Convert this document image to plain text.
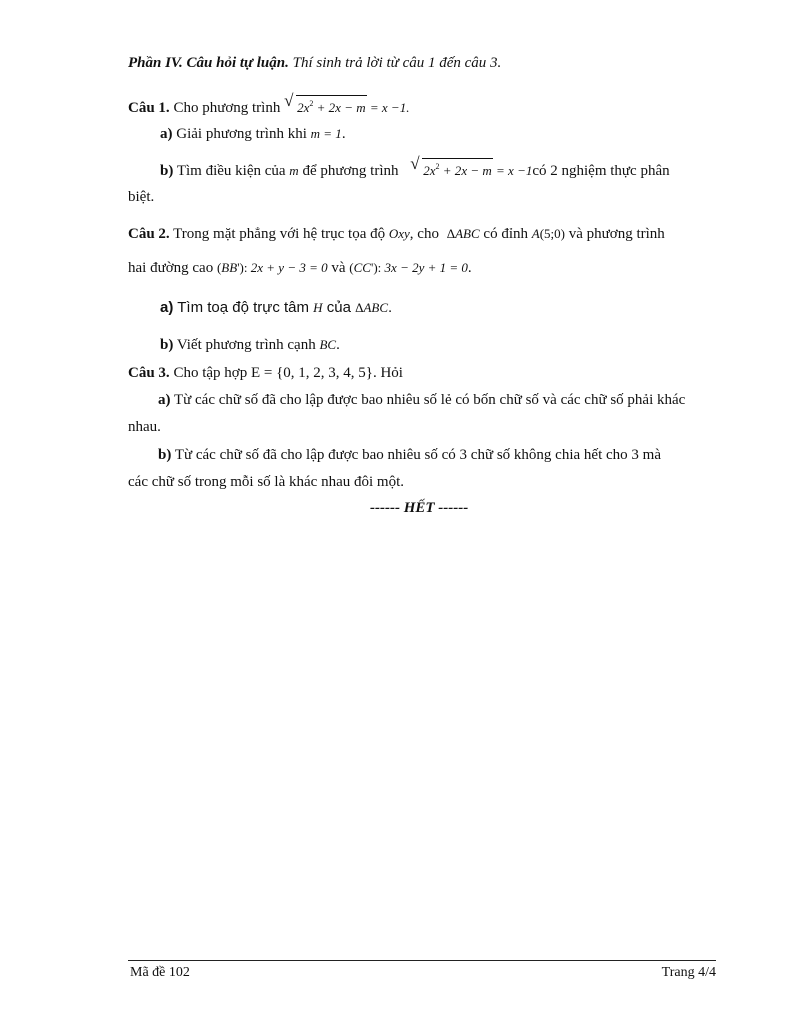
Phần IV. Câu hỏi tự luận. Thí sinh trả lời từ câu 1 đến câu 3.
Câu 1. Cho phương trình √ $2x^2 + 2x - m = x -1$.
a) Giải phương trình khi m = 1.
b) Tìm điều kiện của m để phương trình √ $2x^2 + 2x - m = x$ −1có 2 nghiệm thực phân
biệt.
Câu 2. Trong mặt phẳng với hệ trục tọa độ Oxy, cho ΔABC có đỉnh A(5;0) và phương trình
hai đường cao (BB'): 2x + y − 3 = 0 và (CC'): 3x − 2y + 1 = 0.
a) Tìm toạ độ trực tâm H của ΔABC.
b) Viết phương trình cạnh BC.
Câu 3. Cho tập hợp E = {0, 1, 2, 3, 4, 5}. Hỏi
a) Từ các chữ số đã cho lập được bao nhiêu số lẻ có bốn chữ số và các chữ số phải khác
nhau.
b) Từ các chữ số đã cho lập được bao nhiêu số có 3 chữ số không chia hết cho 3 mà
các chữ số trong mỗi số là khác nhau đôi một.
------ HẾT ------
Mã đề 102	Trang 4/4
